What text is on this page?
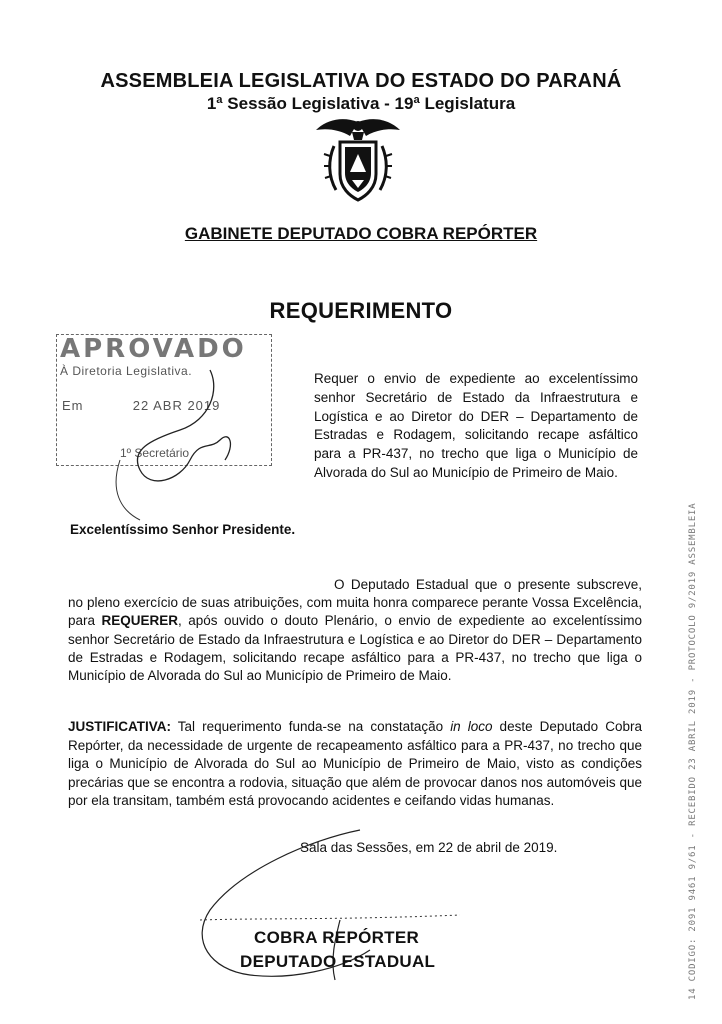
ASSEMBLEIA LEGISLATIVA DO ESTADO DO PARANÁ
1ª Sessão Legislativa - 19ª Legislatura
GABINETE DEPUTADO COBRA REPÓRTER
REQUERIMENTO
APROVADO
À Diretoria Legislativa.
Em	22 ABR 2019
1º Secretário
Requer o envio de expediente ao excelentíssimo senhor Secretário de Estado da Infraestrutura e Logística e ao Diretor do DER – Departamento de Estradas e Rodagem, solicitando recape asfáltico para a PR-437, no trecho que liga o Município de Alvorada do Sul ao Município de Primeiro de Maio.
Excelentíssimo Senhor Presidente.
O Deputado Estadual que o presente subscreve, no pleno exercício de suas atribuições, com muita honra comparece perante Vossa Excelência, para REQUERER, após ouvido o douto Plenário, o envio de expediente ao excelentíssimo senhor Secretário de Estado da Infraestrutura e Logística e ao Diretor do DER – Departamento de Estradas e Rodagem, solicitando recape asfáltico para a PR-437, no trecho que liga o Município de Alvorada do Sul ao Município de Primeiro de Maio.
JUSTIFICATIVA: Tal requerimento funda-se na constatação in loco deste Deputado Cobra Repórter, da necessidade de urgente de recapeamento asfáltico para a PR-437, no trecho que liga o Município de Alvorada do Sul ao Município de Primeiro de Maio, visto as condições precárias que se encontra a rodovia, situação que além de provocar danos nos automóveis que por ela transitam, também está provocando acidentes e ceifando vidas humanas.
Sala das Sessões, em 22 de abril de 2019.
COBRA REPÓRTER
DEPUTADO ESTADUAL	14 CODIGO: 2091 9461 9/61 - RECEBIDO 23 ABRIL 2019 - PROTOCOLO 9/2019 ASSEMBLEIA
